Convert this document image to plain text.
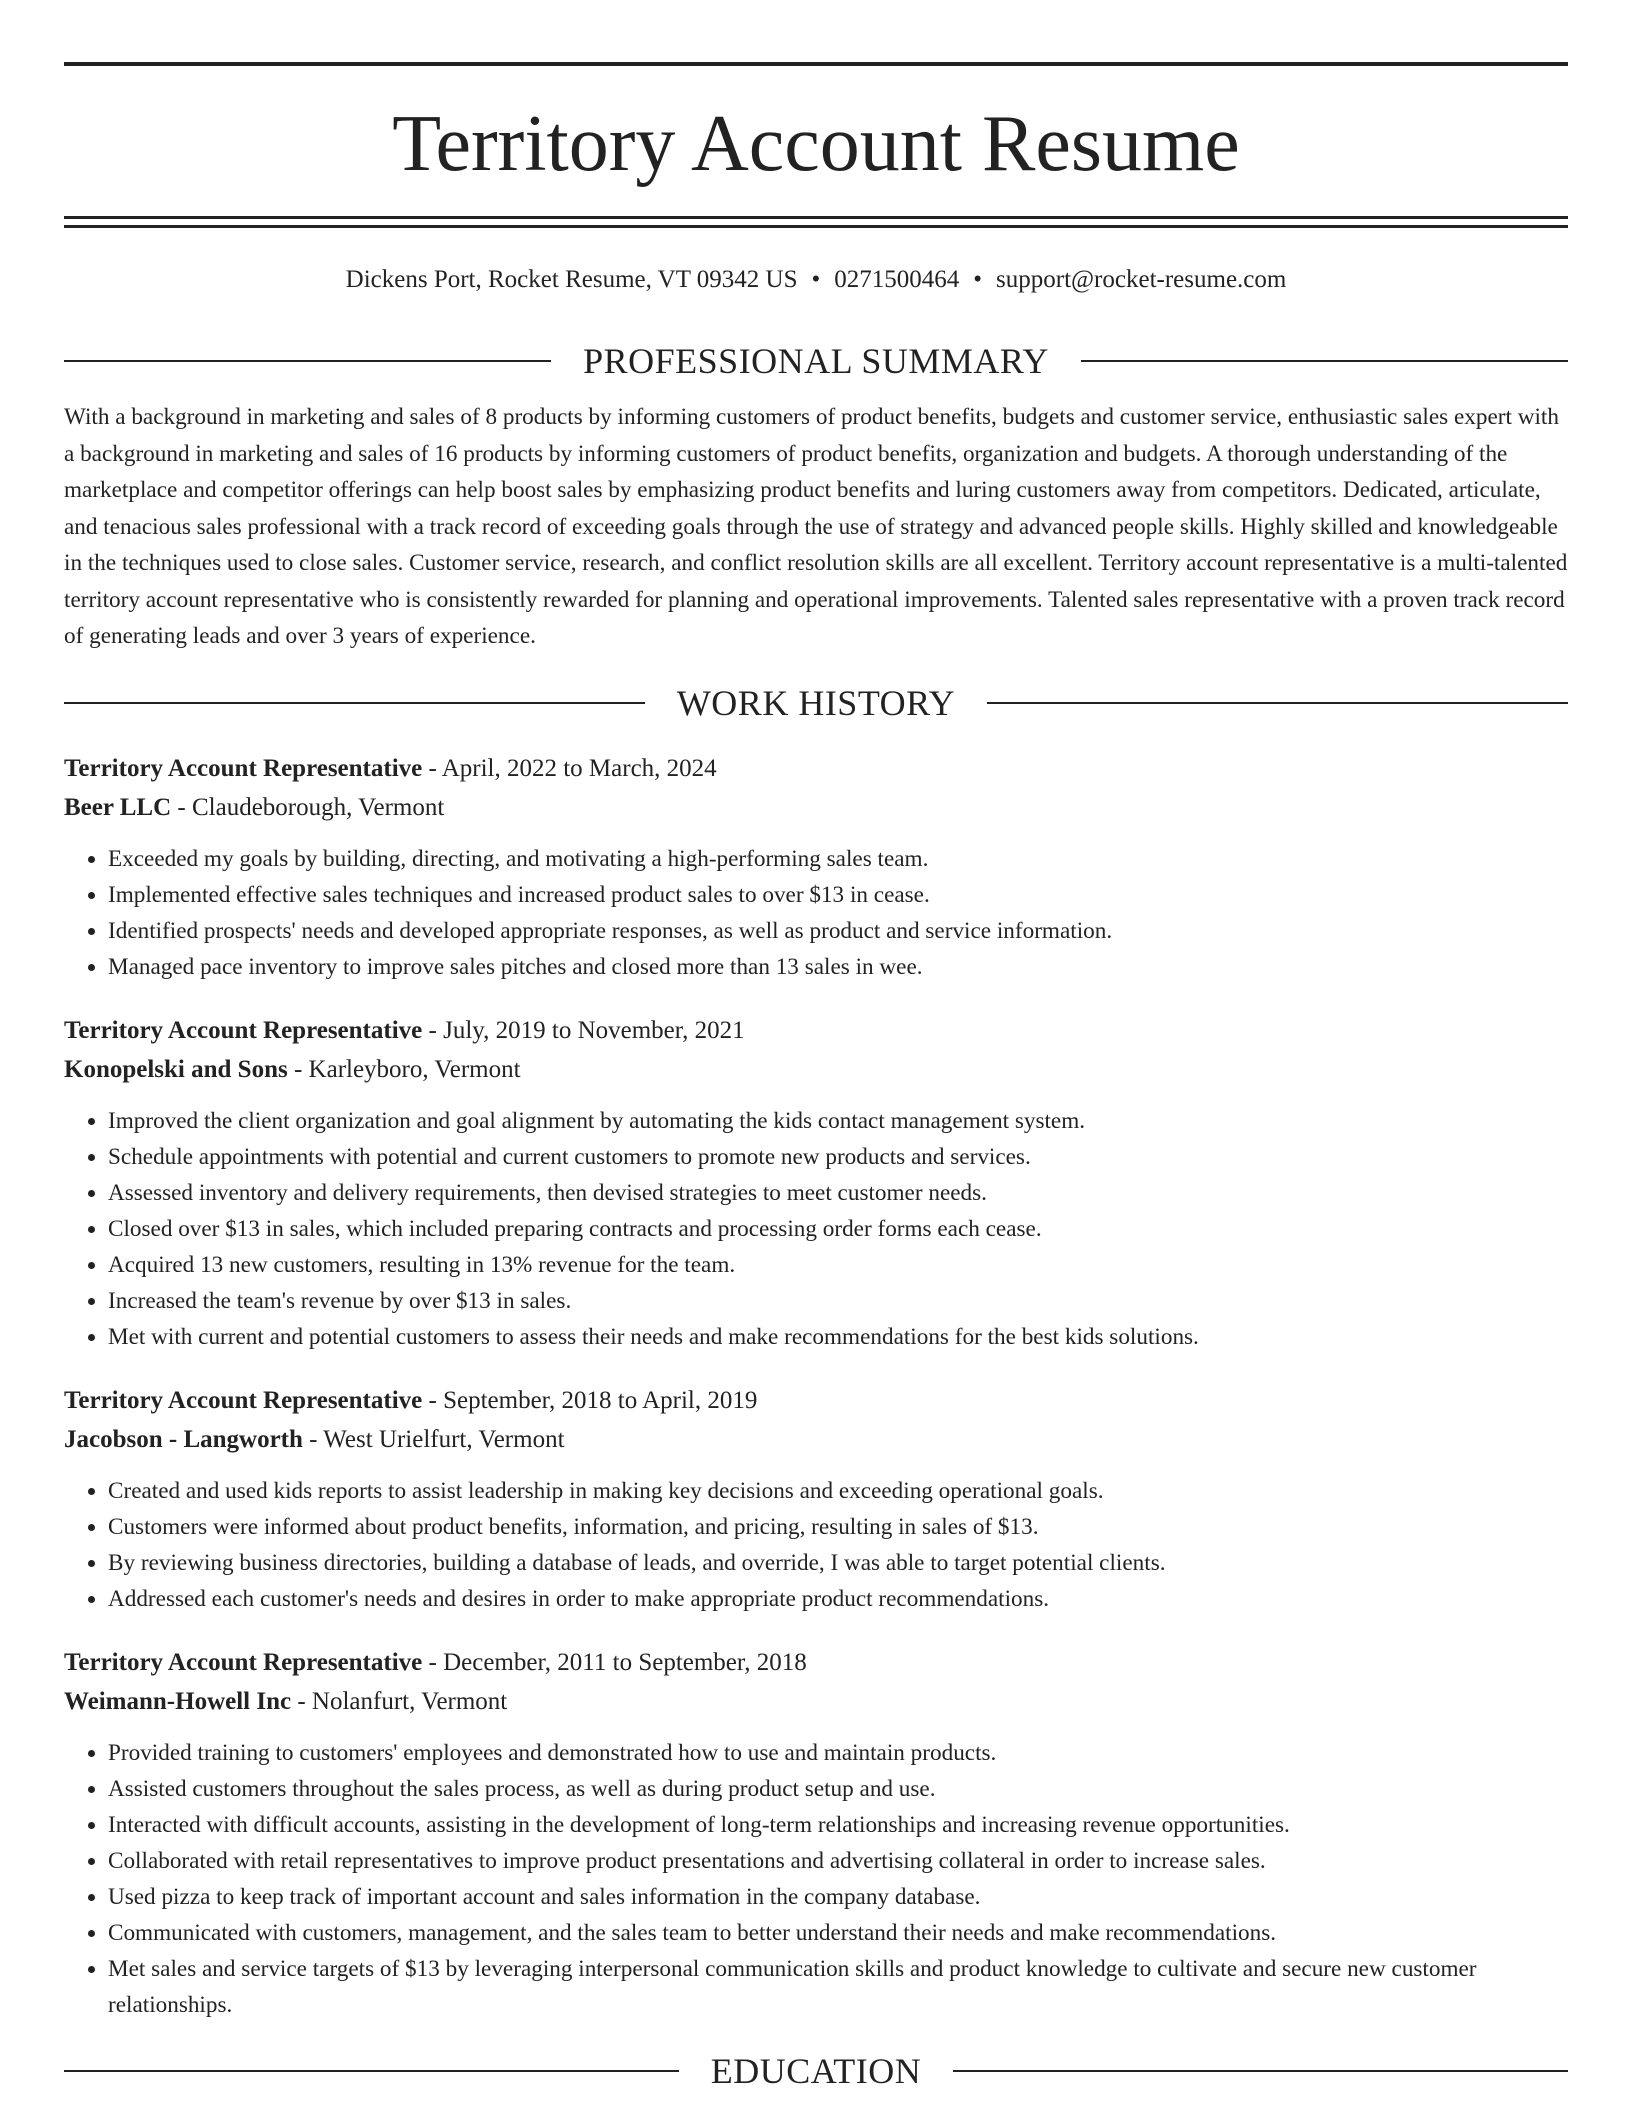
Territory Account Resume
Dickens Port, Rocket Resume, VT 09342 US • 0271500464 • support@rocket-resume.com
PROFESSIONAL SUMMARY

With a background in marketing and sales of 8 products by informing customers of product benefits, budgets and customer service, enthusiastic sales expert with a background in marketing and sales of 16 products by informing customers of product benefits, organization and budgets. A thorough understanding of the marketplace and competitor offerings can help boost sales by emphasizing product benefits and luring customers away from competitors. Dedicated, articulate, and tenacious sales professional with a track record of exceeding goals through the use of strategy and advanced people skills. Highly skilled and knowledgeable in the techniques used to close sales. Customer service, research, and conflict resolution skills are all excellent. Territory account representative is a multi-talented territory account representative who is consistently rewarded for planning and operational improvements. Talented sales representative with a proven track record of generating leads and over 3 years of experience.

WORK HISTORY
Territory Account Representative - April, 2022 to March, 2024
Beer LLC - Claudeborough, Vermont
• Exceeded my goals by building, directing, and motivating a high-performing sales team.
• Implemented effective sales techniques and increased product sales to over $13 in cease.
• Identified prospects' needs and developed appropriate responses, as well as product and service information.
• Managed pace inventory to improve sales pitches and closed more than 13 sales in wee.
Territory Account Representative - July, 2019 to November, 2021
Konopelski and Sons - Karleyboro, Vermont
• Improved the client organization and goal alignment by automating the kids contact management system.
• Schedule appointments with potential and current customers to promote new products and services.
• Assessed inventory and delivery requirements, then devised strategies to meet customer needs.
• Closed over $13 in sales, which included preparing contracts and processing order forms each cease.
• Acquired 13 new customers, resulting in 13% revenue for the team.
• Increased the team's revenue by over $13 in sales.
• Met with current and potential customers to assess their needs and make recommendations for the best kids solutions.
Territory Account Representative - September, 2018 to April, 2019
Jacobson - Langworth - West Urielfurt, Vermont
• Created and used kids reports to assist leadership in making key decisions and exceeding operational goals.
• Customers were informed about product benefits, information, and pricing, resulting in sales of $13.
• By reviewing business directories, building a database of leads, and override, I was able to target potential clients.
• Addressed each customer's needs and desires in order to make appropriate product recommendations.
Territory Account Representative - December, 2011 to September, 2018
Weimann-Howell Inc - Nolanfurt, Vermont
• Provided training to customers' employees and demonstrated how to use and maintain products.
• Assisted customers throughout the sales process, as well as during product setup and use.
• Interacted with difficult accounts, assisting in the development of long-term relationships and increasing revenue opportunities.
• Collaborated with retail representatives to improve product presentations and advertising collateral in order to increase sales.
• Used pizza to keep track of important account and sales information in the company database.
• Communicated with customers, management, and the sales team to better understand their needs and make recommendations.
• Met sales and service targets of $13 by leveraging interpersonal communication skills and product knowledge to cultivate and secure new customer relationships.
EDUCATION
